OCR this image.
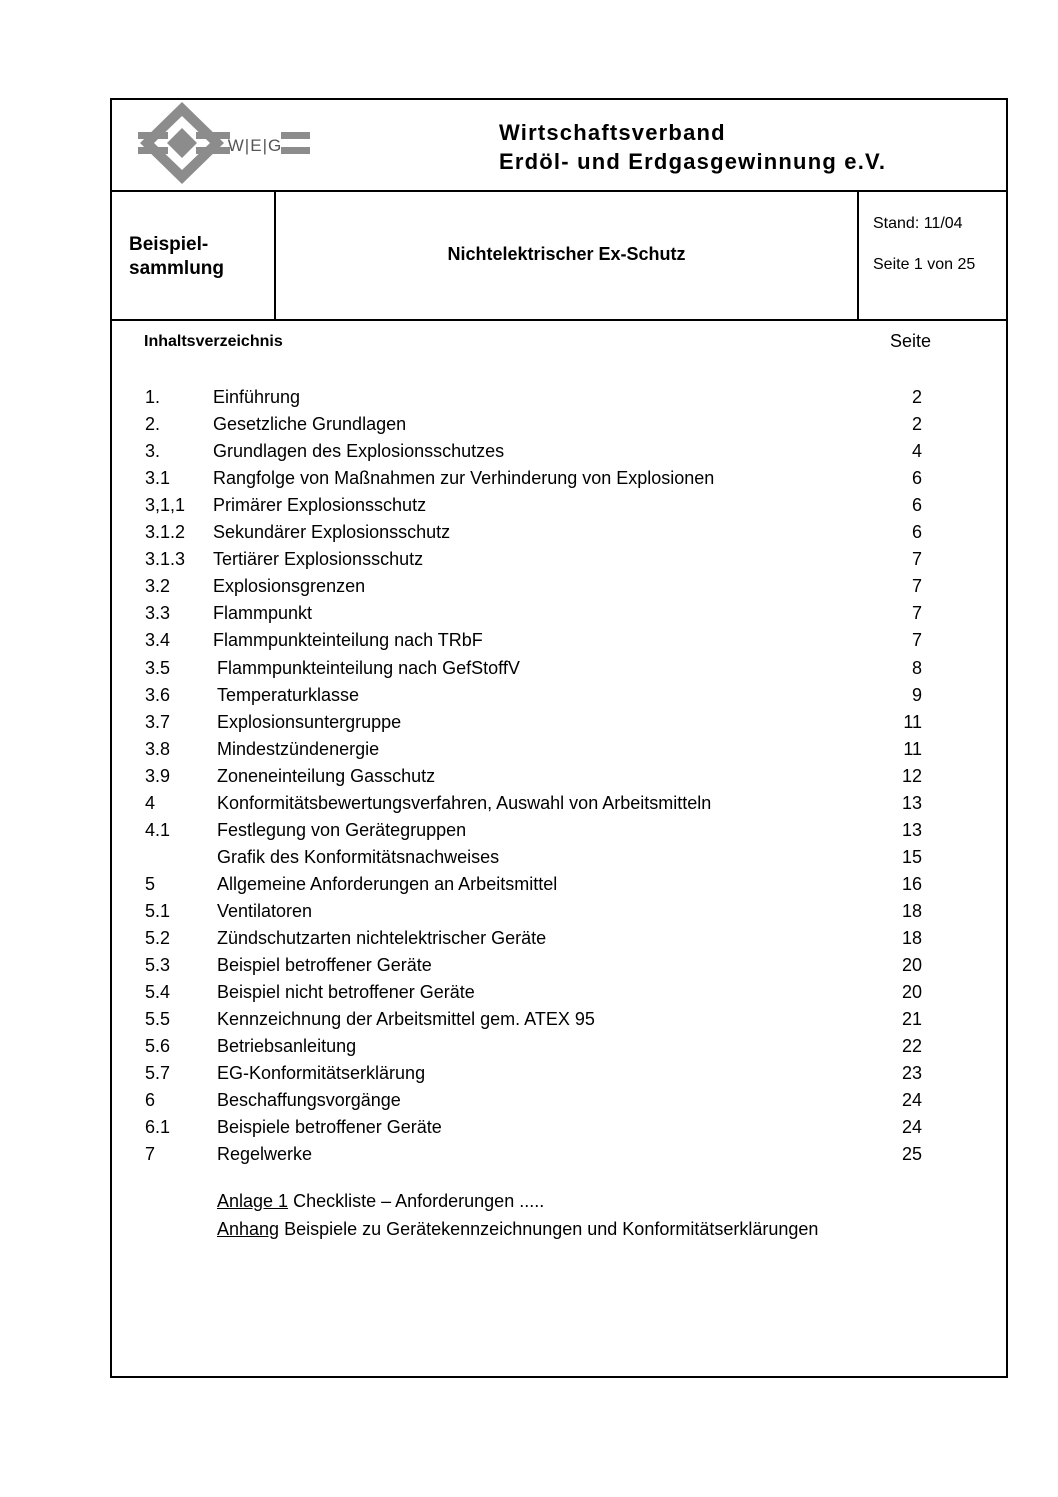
W|E|G
Wirtschaftsverband
Erdöl- und Erdgasgewinnung e.V.
Beispiel-
sammlung
Nichtelektrischer Ex-Schutz
Stand: 11/04
Seite 1 von 25
Inhaltsverzeichnis	Seite
1.	Einführung	2
2.	Gesetzliche Grundlagen	2
3.	Grundlagen des Explosionsschutzes	4
3.1 Rangfolge von Maßnahmen zur Verhinderung von Explosionen	6
3,1,1 Primärer Explosionsschutz	6
3.1.2 Sekundärer Explosionsschutz	6
3.1.3 Tertiärer Explosionsschutz	7
3.2 Explosionsgrenzen	7
3.3 Flammpunkt	7
3.4 Flammpunkteinteilung nach TRbF	7
3.5	Flammpunkteinteilung nach GefStoffV	8
3.6	Temperaturklasse	9
3.7	Explosionsuntergruppe	11
3.8	Mindestzündenergie	11
3.9	Zoneneinteilung Gasschutz	12
4	Konformitätsbewertungsverfahren, Auswahl von Arbeitsmitteln	13
4.1	Festlegung von Gerätegruppen	13
Grafik des Konformitätsnachweises	15
5	Allgemeine Anforderungen an Arbeitsmittel	16
5.1	Ventilatoren	18
5.2	Zündschutzarten nichtelektrischer Geräte	18
5.3	Beispiel betroffener Geräte	20
5.4	Beispiel nicht betroffener Geräte	20
5.5	Kennzeichnung der Arbeitsmittel gem. ATEX 95	21
5.6	Betriebsanleitung	22
5.7	EG-Konformitätserklärung	23
6	Beschaffungsvorgänge	24
6.1	Beispiele betroffener Geräte	24
7	Regelwerke	25
Anlage 1 Checkliste – Anforderungen .....
Anhang Beispiele zu Gerätekennzeichnungen und Konformitätserklärungen
